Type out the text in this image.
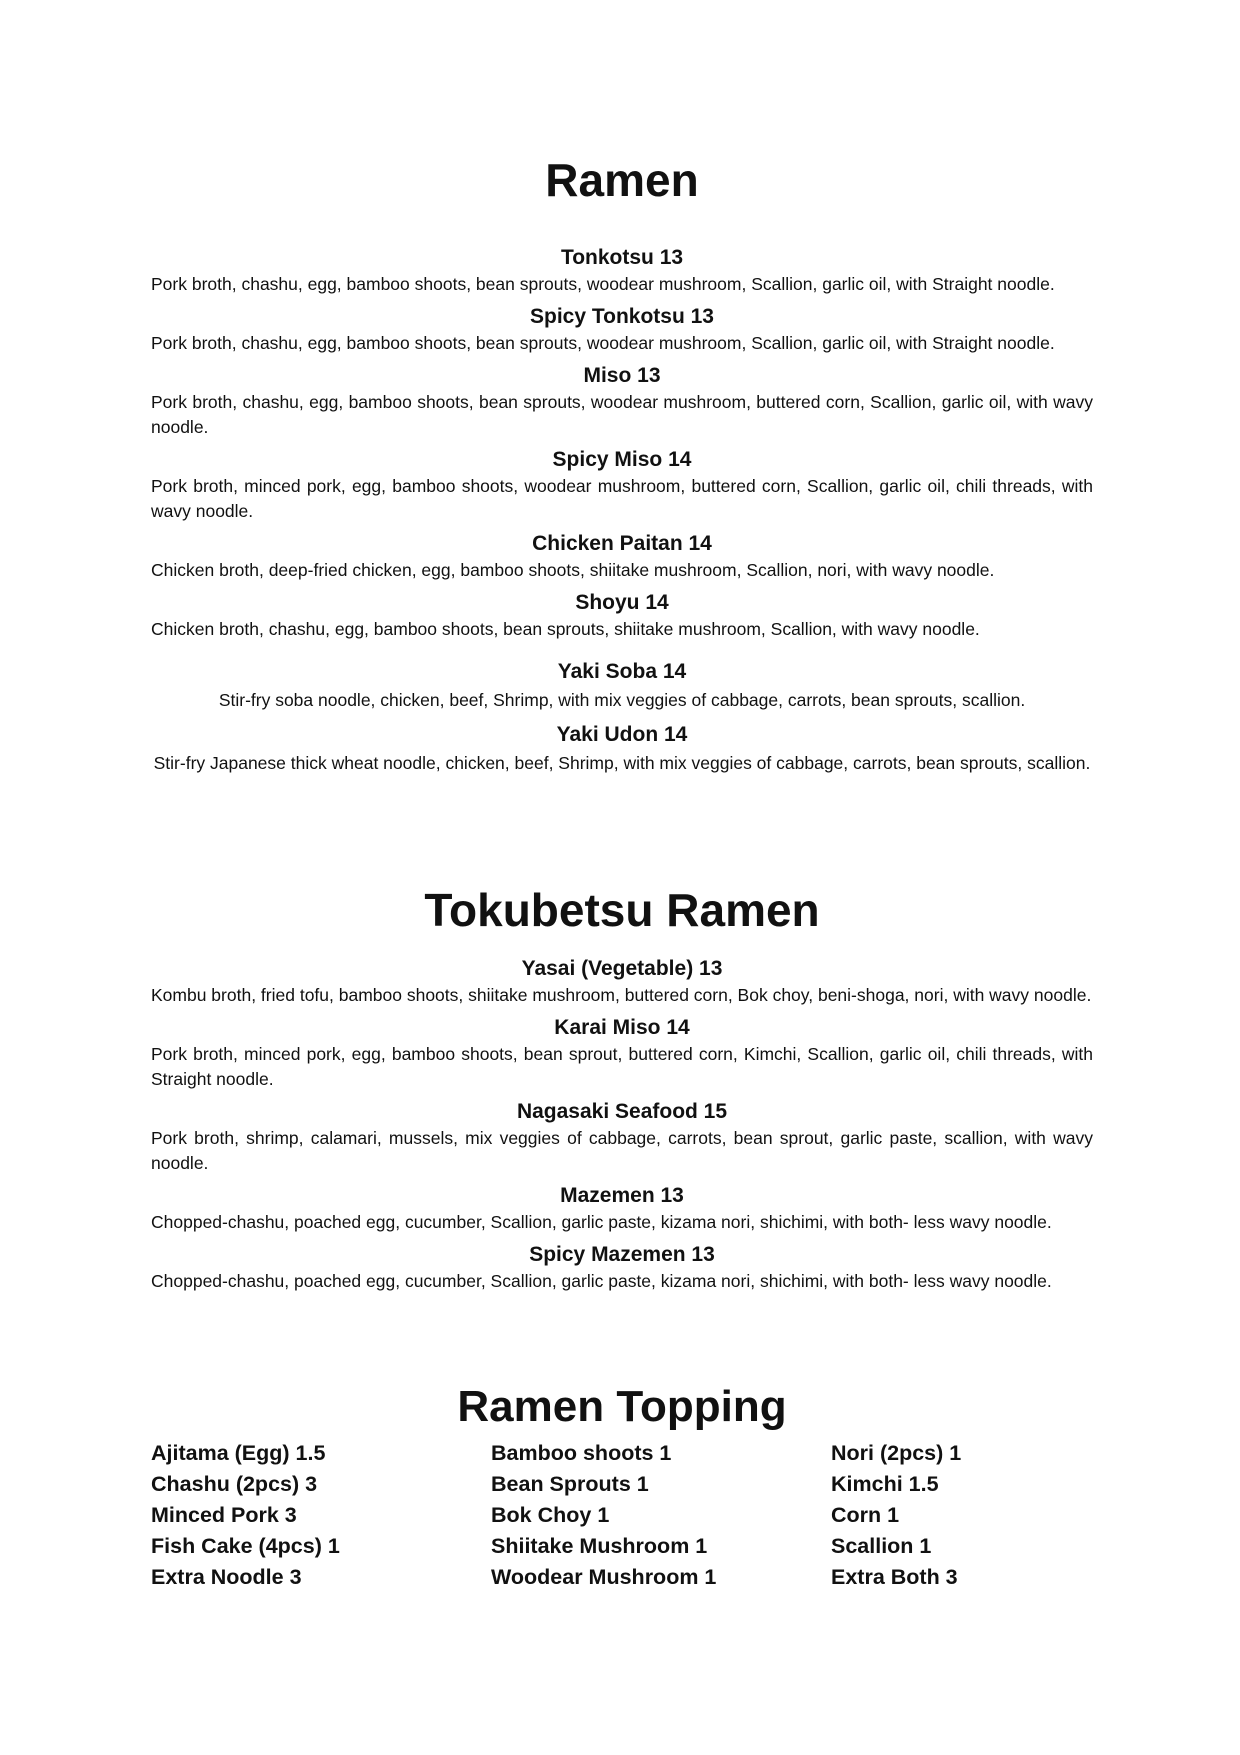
Ramen

Tonkotsu 13

Pork broth, chashu, egg, bamboo shoots, bean sprouts, woodear mushroom, Scallion, garlic oil, with Straight noodle.

Spicy Tonkotsu 13

Pork broth, chashu, egg, bamboo shoots, bean sprouts, woodear mushroom, Scallion, garlic oil, with Straight noodle.

Miso 13

Pork broth, chashu, egg, bamboo shoots, bean sprouts, woodear mushroom, buttered corn, Scallion, garlic oil, with wavy noodle.

Spicy Miso 14

Pork broth, minced pork, egg, bamboo shoots, woodear mushroom, buttered corn, Scallion, garlic oil, chili threads, with wavy noodle.

Chicken Paitan 14

Chicken broth, deep-fried chicken, egg, bamboo shoots, shiitake mushroom, Scallion, nori, with wavy noodle.

Shoyu 14

Chicken broth, chashu, egg, bamboo shoots, bean sprouts, shiitake mushroom, Scallion, with wavy noodle.

Yaki Soba 14

Stir-fry soba noodle, chicken, beef, Shrimp, with mix veggies of cabbage, carrots, bean sprouts, scallion.

Yaki Udon 14

Stir-fry Japanese thick wheat noodle, chicken, beef, Shrimp, with mix veggies of cabbage, carrots, bean sprouts, scallion.

Tokubetsu Ramen

Yasai (Vegetable) 13

Kombu broth, fried tofu, bamboo shoots, shiitake mushroom, buttered corn, Bok choy, beni-shoga, nori, with wavy noodle.

Karai Miso 14

Pork broth, minced pork, egg, bamboo shoots, bean sprout, buttered corn, Kimchi, Scallion, garlic oil, chili threads, with Straight noodle.

Nagasaki Seafood 15

Pork broth, shrimp, calamari, mussels, mix veggies of cabbage, carrots, bean sprout, garlic paste, scallion, with wavy noodle.

Mazemen 13

Chopped-chashu, poached egg, cucumber, Scallion, garlic paste, kizama nori, shichimi, with both- less wavy noodle.

Spicy Mazemen 13

Chopped-chashu, poached egg, cucumber, Scallion, garlic paste, kizama nori, shichimi, with both- less wavy noodle.

Ramen Topping

Ajitama (Egg) 1.5

Chashu (2pcs) 3

Minced Pork 3

Fish Cake (4pcs) 1

Extra Noodle 3

Bamboo shoots 1

Bean Sprouts 1

Bok Choy 1

Shiitake Mushroom 1

Woodear Mushroom 1

Nori (2pcs) 1

Kimchi 1.5

Corn 1

Scallion 1

Extra Both 3
